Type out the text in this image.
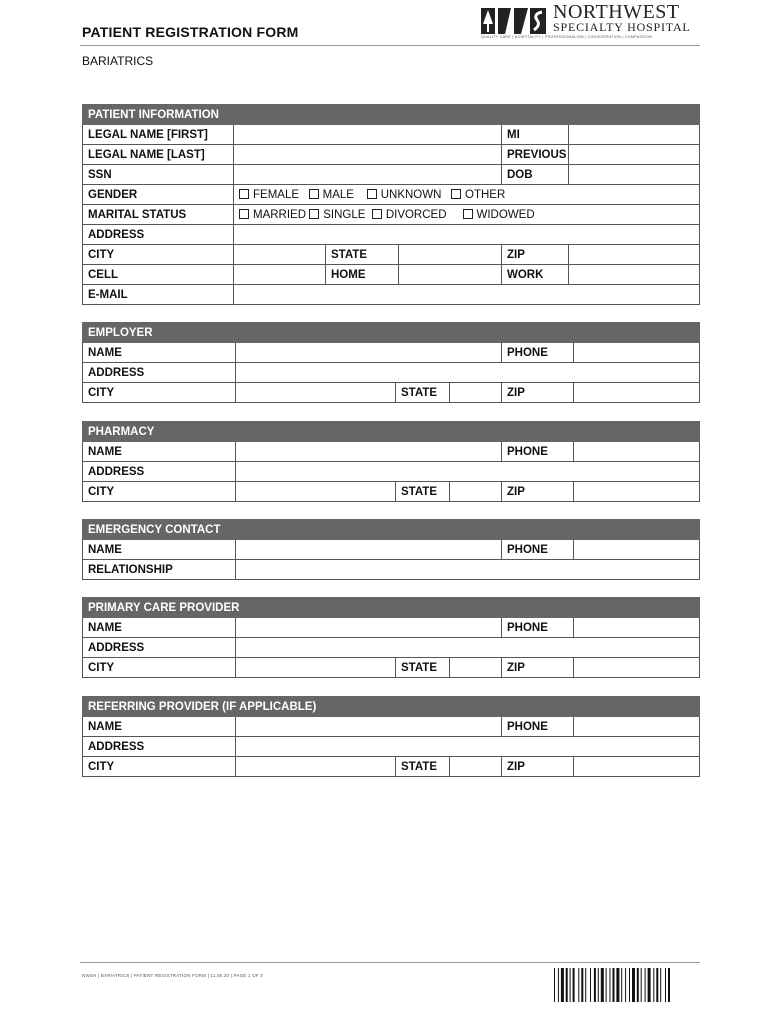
PATIENT REGISTRATION FORM
BARIATRICS
NORTHWEST
SPECIALTY HOSPITAL
QUALITY CARE | HOSPITALITY | PROFESSIONALISM | CONSIDERATION | COMPASSION
PATIENT INFORMATION					
LEGAL NAME [FIRST]				MI	
LEGAL NAME [LAST]				PREVIOUS	
SSN				DOB	
GENDER	FEMALE MALE UNKNOWN OTHER				
MARITAL STATUS	MARRIED SINGLE DIVORCED WIDOWED				
ADDRESS					
CITY		STATE		ZIP	
CELL		HOME		WORK	
E-MAIL					
EMPLOYER					
NAME				PHONE	
ADDRESS					
CITY		STATE		ZIP	
PHARMACY					
NAME				PHONE	
ADDRESS					
CITY		STATE		ZIP	
EMERGENCY CONTACT			
NAME		PHONE	
RELATIONSHIP			
PRIMARY CARE PROVIDER					
NAME				PHONE	
ADDRESS					
CITY		STATE		ZIP	
REFERRING PROVIDER (IF APPLICABLE)					
NAME				PHONE	
ADDRESS					
CITY		STATE		ZIP	
NWSH | BARIATRICS | PATIENT REGISTRATION FORM | 11.05.20 | PAGE 1 OF 3
